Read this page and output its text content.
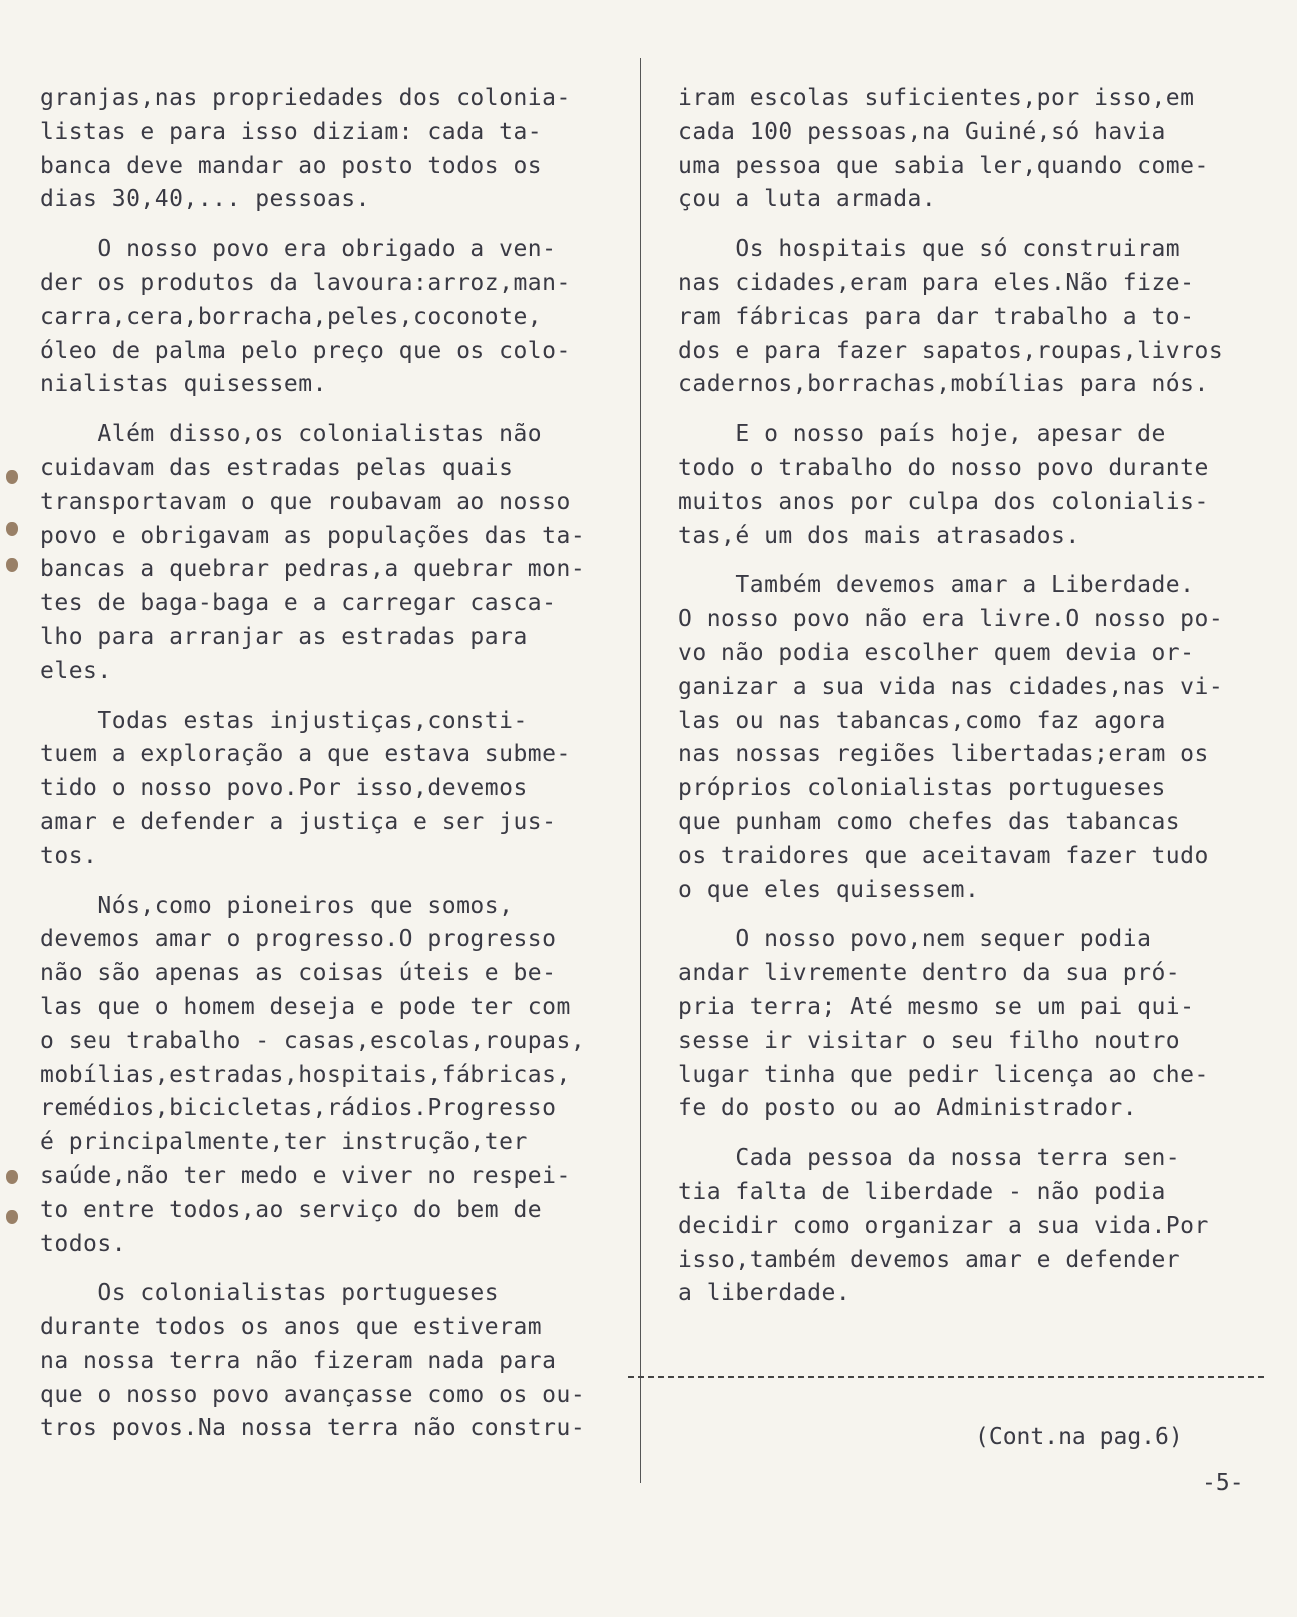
granjas,nas propriedades dos colonia-
listas e para isso diziam: cada ta-
banca deve mandar ao posto todos os
dias 30,40,... pessoas.
O nosso povo era obrigado a ven-
der os produtos da lavoura:arroz,man-
carra,cera,borracha,peles,coconote,
óleo de palma pelo preço que os colo-
nialistas quisessem.
Além disso,os colonialistas não
cuidavam das estradas pelas quais
transportavam o que roubavam ao nosso
povo e obrigavam as populações das ta-
bancas a quebrar pedras,a quebrar mon-
tes de baga-baga e a carregar casca-
lho para arranjar as estradas para
eles.
Todas estas injustiças,consti-
tuem a exploração a que estava subme-
tido o nosso povo.Por isso,devemos
amar e defender a justiça e ser jus-
tos.
Nós,como pioneiros que somos,
devemos amar o progresso.O progresso
não são apenas as coisas úteis e be-
las que o homem deseja e pode ter com
o seu trabalho - casas,escolas,roupas,
mobílias,estradas,hospitais,fábricas,
remédios,bicicletas,rádios.Progresso
é principalmente,ter instrução,ter
saúde,não ter medo e viver no respei-
to entre todos,ao serviço do bem de
todos.
Os colonialistas portugueses
durante todos os anos que estiveram
na nossa terra não fizeram nada para
que o nosso povo avançasse como os ou-
tros povos.Na nossa terra não constru-
iram escolas suficientes,por isso,em
cada 100 pessoas,na Guiné,só havia
uma pessoa que sabia ler,quando come-
çou a luta armada.
Os hospitais que só construiram
nas cidades,eram para eles.Não fize-
ram fábricas para dar trabalho a to-
dos e para fazer sapatos,roupas,livros
cadernos,borrachas,mobílias para nós.
E o nosso país hoje, apesar de
todo o trabalho do nosso povo durante
muitos anos por culpa dos colonialis-
tas,é um dos mais atrasados.
Também devemos amar a Liberdade.
O nosso povo não era livre.O nosso po-
vo não podia escolher quem devia or-
ganizar a sua vida nas cidades,nas vi-
las ou nas tabancas,como faz agora
nas nossas regiões libertadas;eram os
próprios colonialistas portugueses
que punham como chefes das tabancas
os traidores que aceitavam fazer tudo
o que eles quisessem.
O nosso povo,nem sequer podia
andar livremente dentro da sua pró-
pria terra; Até mesmo se um pai qui-
sesse ir visitar o seu filho noutro
lugar tinha que pedir licença ao che-
fe do posto ou ao Administrador.
Cada pessoa da nossa terra sen-
tia falta de liberdade - não podia
decidir como organizar a sua vida.Por
isso,também devemos amar e defender
a liberdade.
(Cont.na pag.6)
-5-
